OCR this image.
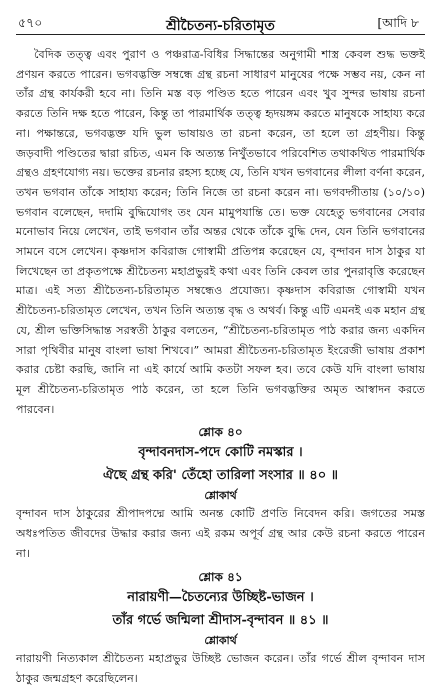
৫৭০	শ্রীচৈতন্য-চরিতামৃত	[আদি ৮

বৈদিক তত্ত্ব এবং পুরাণ ও পঞ্চরাত্র-বিধির সিদ্ধান্তের অনুগামী শাস্ত্র কেবল শুদ্ধ ভক্তই প্রণয়ন করতে পারেন। ভগবদ্ভক্তি সম্বন্ধে গ্রন্থ রচনা সাধারণ মানুষের পক্ষে সম্ভব নয়, কেন না তাঁর গ্রন্থ কার্যকরী হবে না। তিনি মস্ত বড় পণ্ডিত হতে পারেন এবং খুব সুন্দর ভাষায় রচনা করতে তিনি দক্ষ হতে পারেন, কিন্তু তা পারমার্থিক তত্ত্ব হৃদয়ঙ্গম করতে মানুষকে সাহায্য করে না। পক্ষান্তরে, ভগবদ্ভক্ত যদি ভুল ভাষায়ও তা রচনা করেন, তা হলে তা গ্রহণীয়। কিন্তু জড়বাদী পণ্ডিতের দ্বারা রচিত, এমন কি অত্যন্ত নিখুঁতভাবে পরিবেশিত তথাকথিত পারমার্থিক গ্রন্থও গ্রহণযোগ্য নয়। ভক্তের রচনার রহস্য হচ্ছে যে, তিনি যখন ভগবানের লীলা বর্ণনা করেন, তখন ভগবান তাঁকে সাহায্য করেন; তিনি নিজে তা রচনা করেন না। ভগবদ্গীতায় (১০/১০) ভগবান বলেছেন, দদামি বুদ্ধিযোগং তং যেন মামুপযান্তি তে। ভক্ত যেহেতু ভগবানের সেবার মনোভাব নিয়ে লেখেন, তাই ভগবান তাঁর অন্তর থেকে তাঁকে বুদ্ধি দেন, যেন তিনি ভগবানের সামনে বসে লেখেন। কৃষ্ণদাস কবিরাজ গোস্বামী প্রতিপন্ন করেছেন যে, বৃন্দাবন দাস ঠাকুর যা লিখেছেন তা প্রকৃতপক্ষে শ্রীচৈতন্য মহাপ্রভুরই কথা এবং তিনি কেবল তার পুনরাবৃত্তি করেছেন মাত্র। এই সত্য শ্রীচৈতন্য-চরিতামৃত সম্বন্ধেও প্রযোজ্য। কৃষ্ণদাস কবিরাজ গোস্বামী যখন শ্রীচৈতন্য-চরিতামৃত লেখেন, তখন তিনি অত্যন্ত বৃদ্ধ ও অথর্ব। কিন্তু এটি এমনই এক মহান গ্রন্থ যে, শ্রীল ভক্তিসিদ্ধান্ত সরস্বতী ঠাকুর বলতেন, “শ্রীচৈতন্য-চরিতামৃত পাঠ করার জন্য একদিন সারা পৃথিবীর মানুষ বাংলা ভাষা শিখবে।” আমরা শ্রীচৈতন্য-চরিতামৃত ইংরেজী ভাষায় প্রকাশ করার চেষ্টা করছি, জানি না এই কার্যে আমি কতটা সফল হব। তবে কেউ যদি বাংলা ভাষায় মূল শ্রীচৈতন্য-চরিতামৃত পাঠ করেন, তা হলে তিনি ভগবদ্ভক্তির অমৃত আস্বাদন করতে পারবেন।

শ্লোক ৪০
বৃন্দাবনদাস-পদে কোটি নমস্কার ।
ঐছে গ্রন্থ করি' তেঁহো তারিলা সংসার ॥ ৪০ ॥
শ্লোকার্থ
বৃন্দাবন দাস ঠাকুরের শ্রীপাদপদ্মে আমি অনন্ত কোটি প্রণতি নিবেদন করি। জগতের সমস্ত অধঃপতিত জীবদের উদ্ধার করার জন্য এই রকম অপূর্ব গ্রন্থ আর কেউ রচনা করতে পারেন না।
শ্লোক ৪১
নারায়ণী—চৈতন্যের উচ্ছিষ্ট-ভাজন ।
তাঁর গর্ভে জন্মিলা শ্রীদাস-বৃন্দাবন ॥ ৪১ ॥
শ্লোকার্থ
নারায়ণী নিত্যকাল শ্রীচৈতন্য মহাপ্রভুর উচ্ছিষ্ট ভোজন করেন। তাঁর গর্ভে শ্রীল বৃন্দাবন দাস ঠাকুর জন্মগ্রহণ করেছিলেন।
